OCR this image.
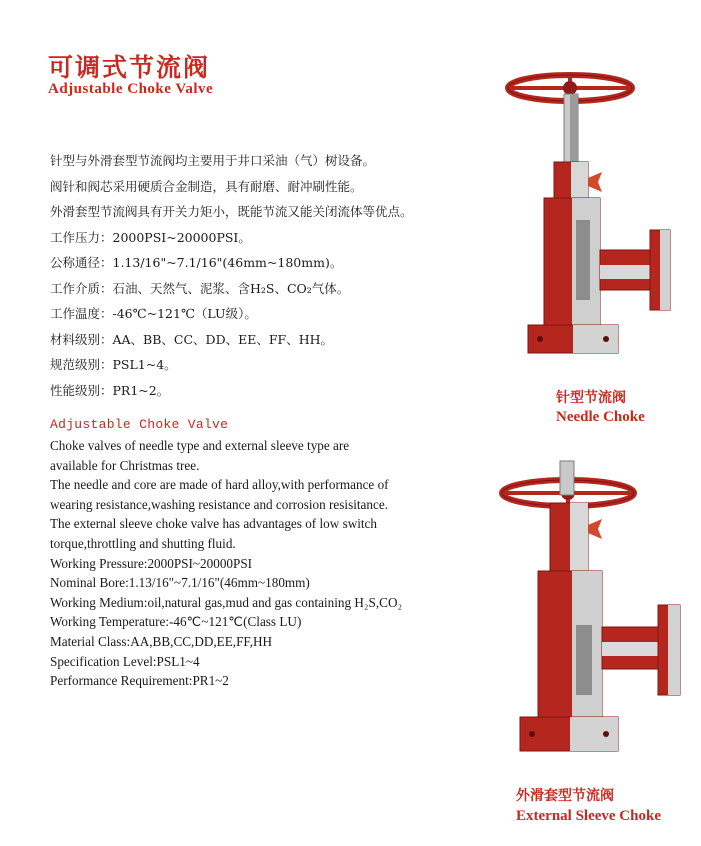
可调式节流阀
Adjustable Choke Valve
针型与外滑套型节流阀均主要用于井口采油（气）树设备。
阀针和阀芯采用硬质合金制造，具有耐磨、耐冲刷性能。
外滑套型节流阀具有开关力矩小，既能节流又能关闭流体等优点。
工作压力：2000PSI~20000PSI。
公称通径：1.13/16"~7.1/16"(46mm~180mm)。
工作介质：石油、天然气、泥浆、含H₂S、CO₂气体。
工作温度：-46℃~121℃（LU级）。
材料级别：AA、BB、CC、DD、EE、FF、HH。
规范级别：PSL1~4。
性能级别：PR1~2。
Adjustable Choke Valve
Choke valves of needle type and external sleeve type are
available for Christmas tree.
The needle and core are made of hard alloy,with performance of
wearing resistance,washing resistance and corrosion resisitance.
The external sleeve choke valve has advantages of low switch
torque,throttling and shutting fluid.
Working Pressure:2000PSI~20000PSI
Nominal Bore:1.13/16"~7.1/16"(46mm~180mm)
Working Medium:oil,natural gas,mud and gas containing H₂S,CO₂
Working Temperature:-46℃~121℃(Class LU)
Material Class:AA,BB,CC,DD,EE,FF,HH
Specification Level:PSL1~4
Performance Requirement:PR1~2
针型节流阀
Needle Choke
外滑套型节流阀
External Sleeve Choke
